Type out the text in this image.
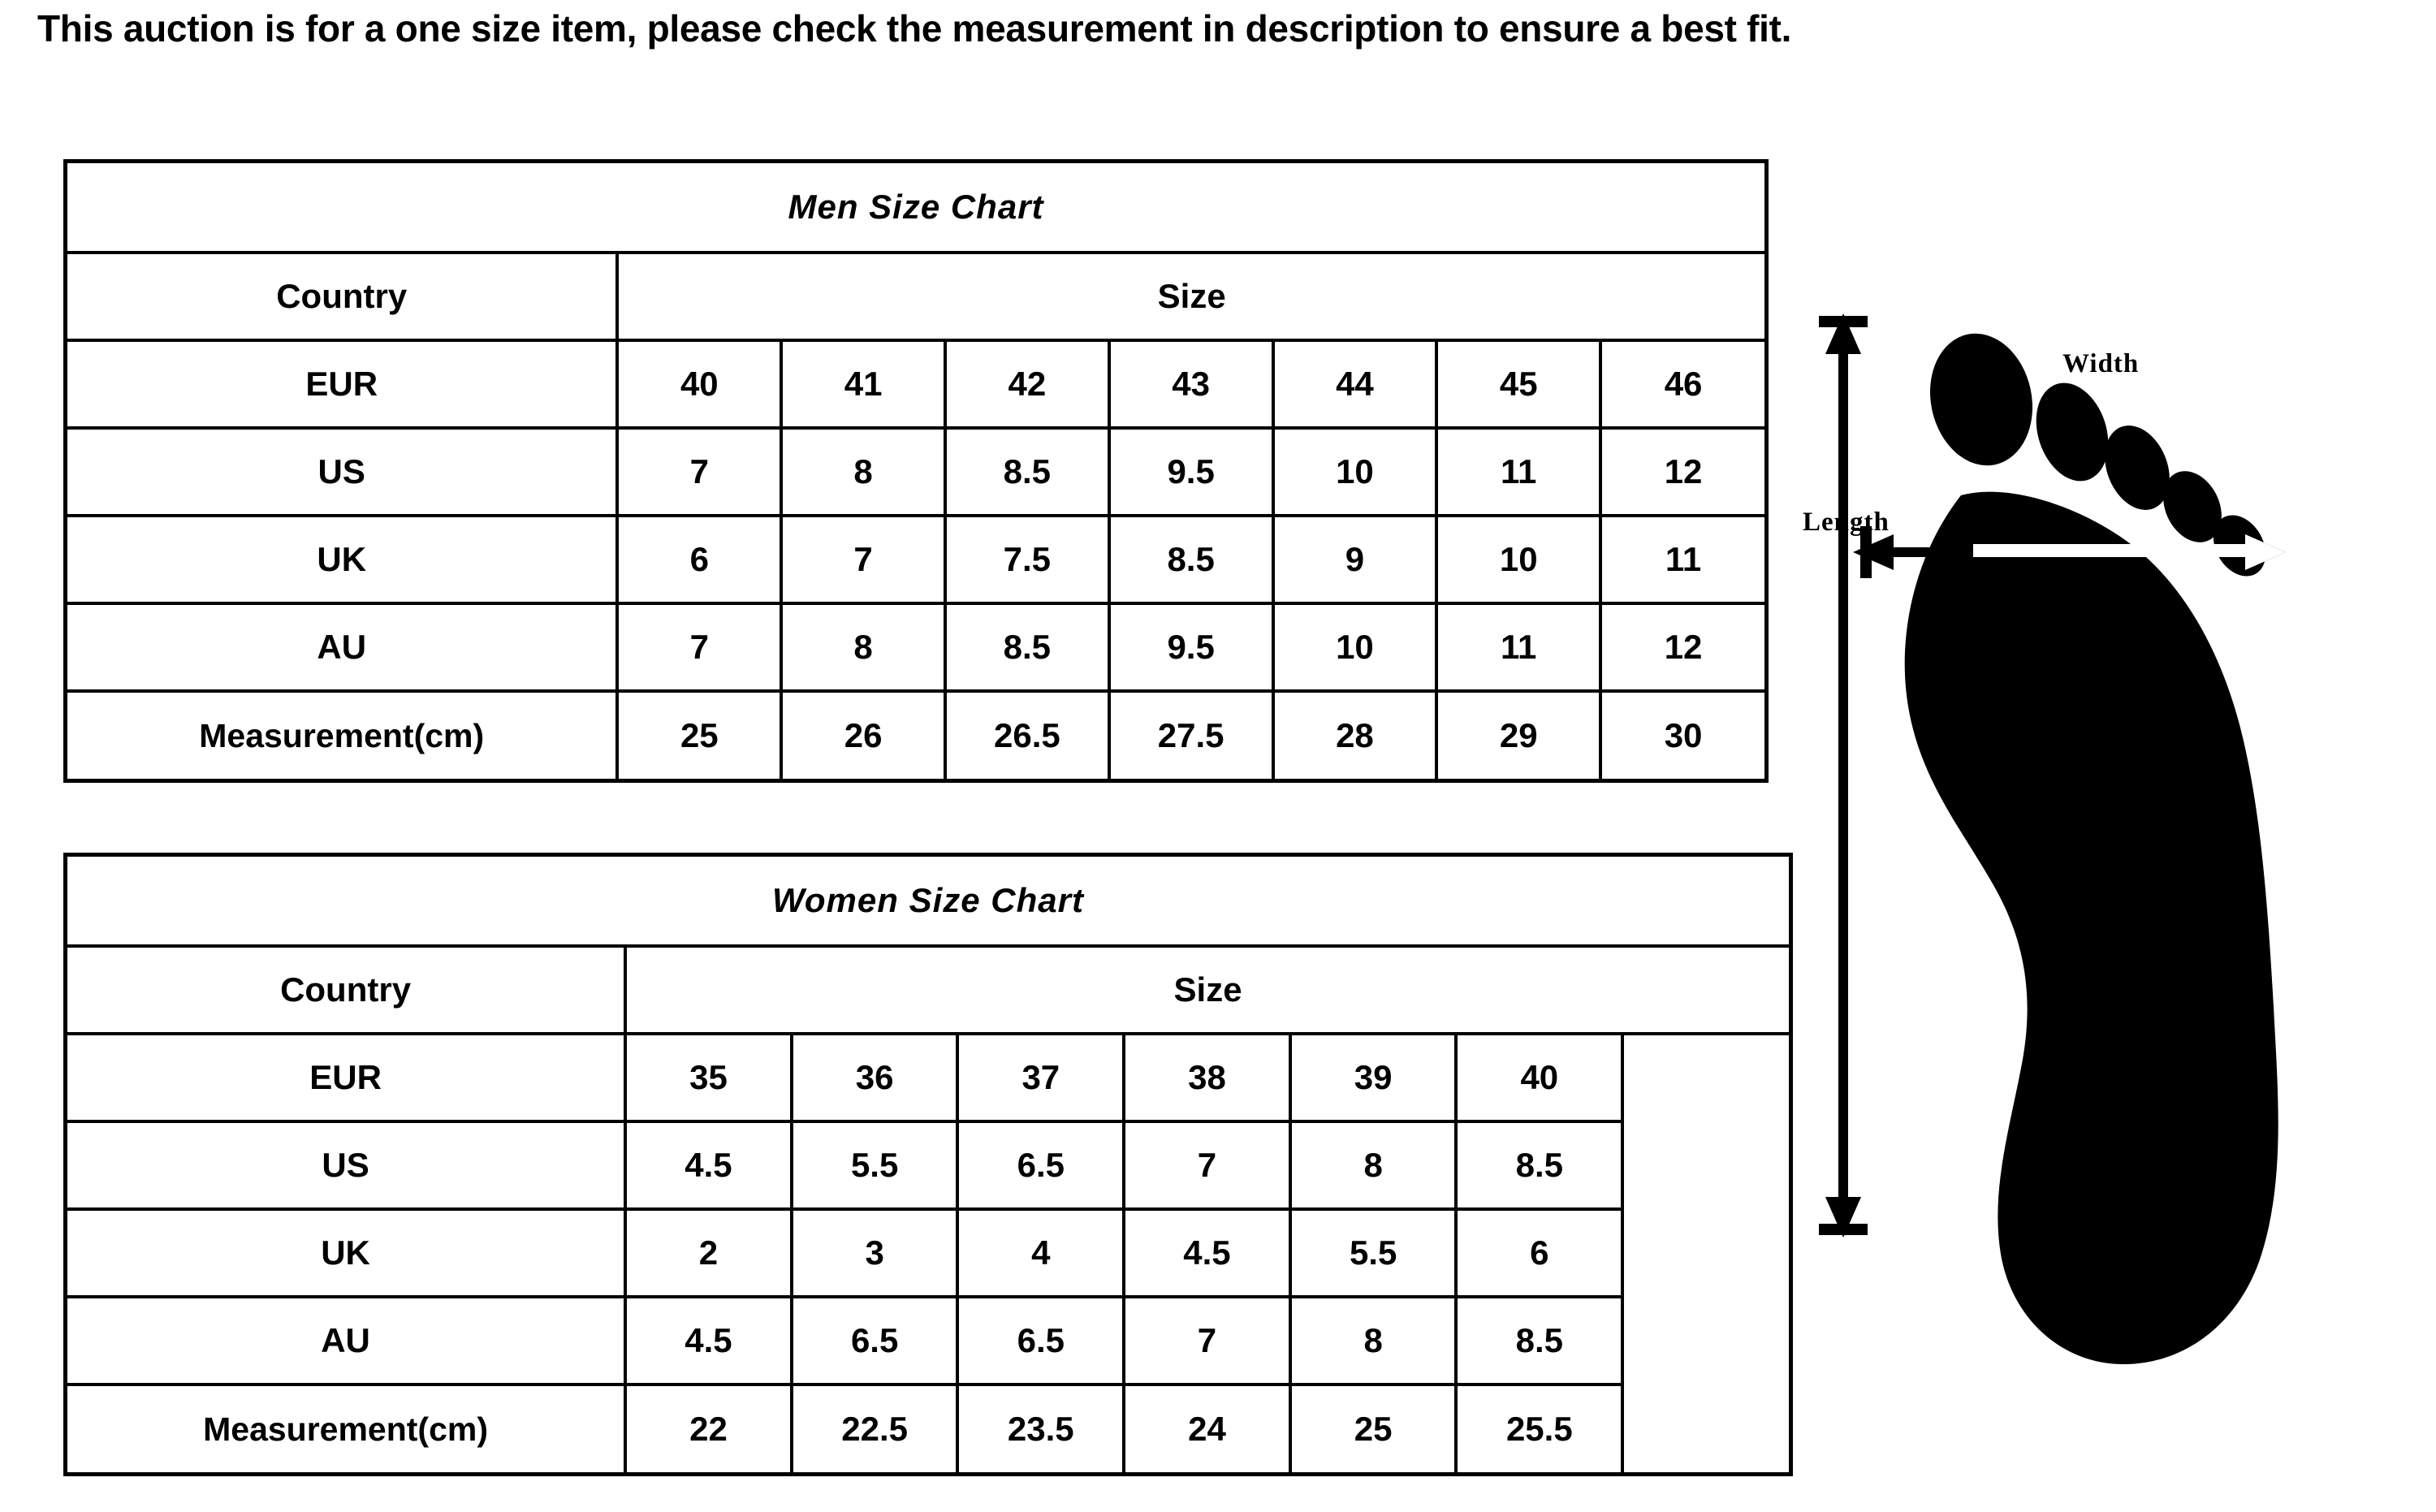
This auction is for a one size item, please check the measurement in description to ensure a best fit.
Men Size Chart							
Country	Size						
EUR	40	41	42	43	44	45	46
US	7	8	8.5	9.5	10	11	12
UK	6	7	7.5	8.5	9	10	11
AU	7	8	8.5	9.5	10	11	12
Measurement(cm)	25	26	26.5	27.5	28	29	30
Women Size Chart							
Country	Size						
EUR	35	36	37	38	39	40	
US	4.5	5.5	6.5	7	8	8.5	
UK	2	3	4	4.5	5.5	6	
AU	4.5	6.5	6.5	7	8	8.5	
Measurement(cm)	22	22.5	23.5	24	25	25.5	
Width
Length
